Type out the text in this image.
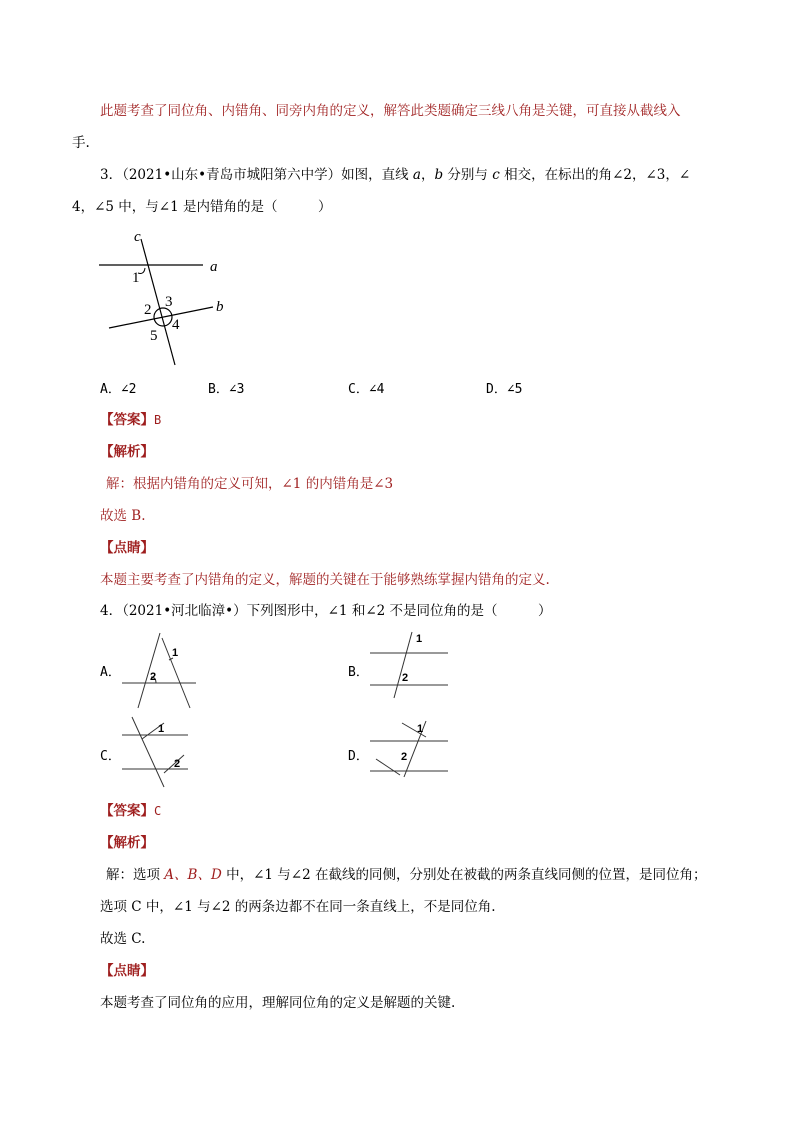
此题考查了同位角、内错角、同旁内角的定义，解答此类题确定三线八角是关键，可直接从截线入
手.
3．（2021•山东•青岛市城阳第六中学）如图，直线 a，b 分别与 c 相交，在标出的角∠2，∠3，∠
4，∠5 中，与∠1 是内错角的是（　　　）
c
a
b
1
2 3
4
5
A．∠2	B．∠3	C．∠4	D．∠5
【答案】B
【解析】
解：根据内错角的定义可知，∠1 的内错角是∠3
故选 B.
【点睛】
本题主要考查了内错角的定义，解题的关键在于能够熟练掌握内错角的定义.
4．（2021•河北临漳•）下列图形中，∠1 和∠2 不是同位角的是（　　　）
A．
1
2	B．
1
2
C．
1
2	D．
1
2
【答案】C
【解析】
解：选项 A、B、D 中，∠1 与∠2 在截线的同侧，分别处在被截的两条直线同侧的位置，是同位角；
选项 C 中，∠1 与∠2 的两条边都不在同一条直线上，不是同位角.
故选 C.
【点睛】
本题考查了同位角的应用，理解同位角的定义是解题的关键.
